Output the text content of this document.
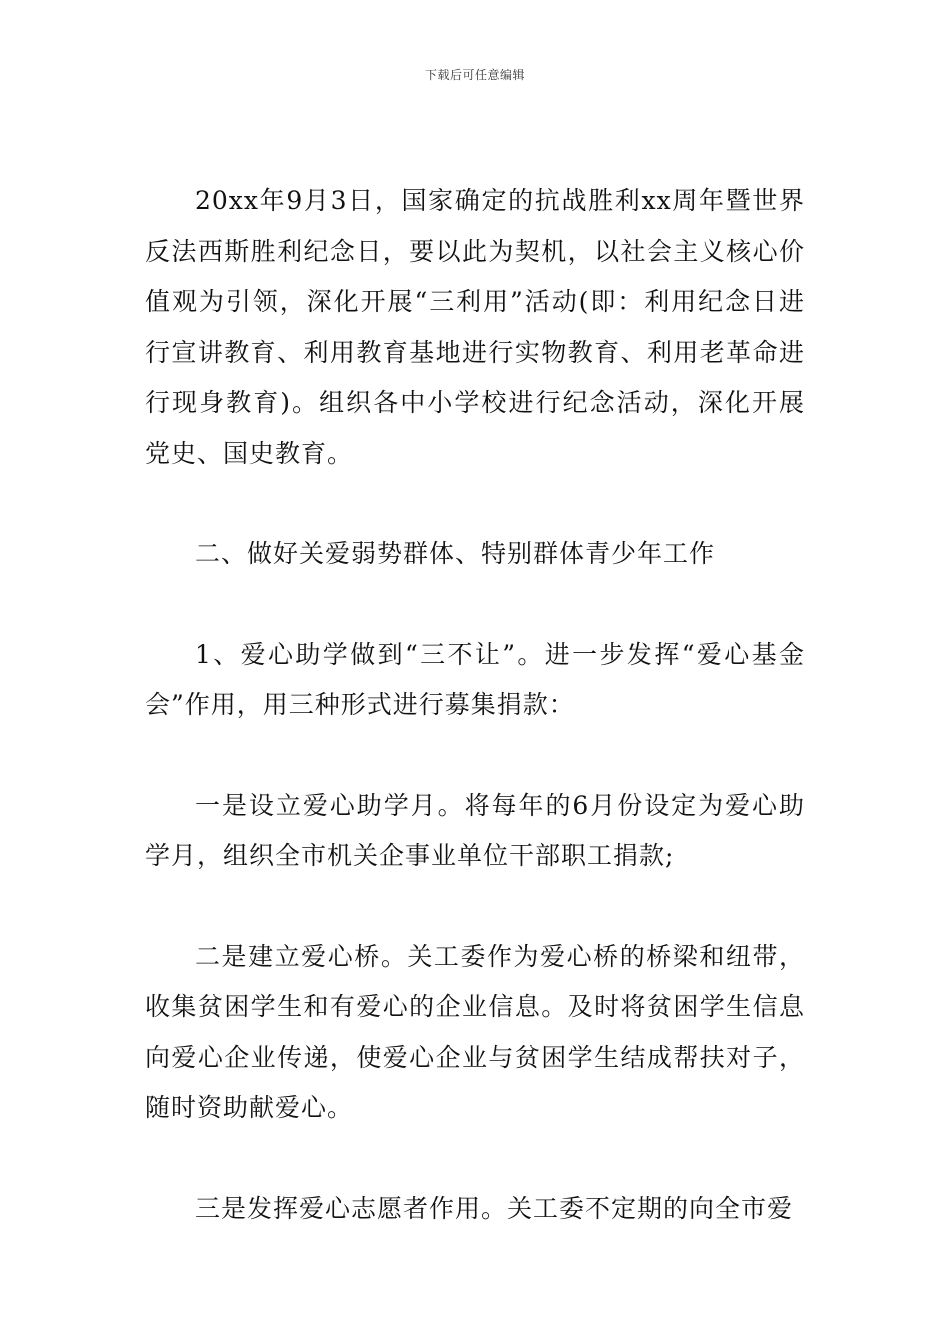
下载后可任意编辑

20xx年9月3日，国家确定的抗战胜利xx周年暨世界反法西斯胜利纪念日，要以此为契机，以社会主义核心价值观为引领，深化开展“三利用”活动(即：利用纪念日进行宣讲教育、利用教育基地进行实物教育、利用老革命进行现身教育)。组织各中小学校进行纪念活动，深化开展党史、国史教育。

二、做好关爱弱势群体、特别群体青少年工作

1、爱心助学做到“三不让”。进一步发挥“爱心基金会”作用，用三种形式进行募集捐款：

一是设立爱心助学月。将每年的6月份设定为爱心助学月，组织全市机关企事业单位干部职工捐款;

二是建立爱心桥。关工委作为爱心桥的桥梁和纽带，收集贫困学生和有爱心的企业信息。及时将贫困学生信息向爱心企业传递，使爱心企业与贫困学生结成帮扶对子，随时资助献爱心。

三是发挥爱心志愿者作用。关工委不定期的向全市爱
